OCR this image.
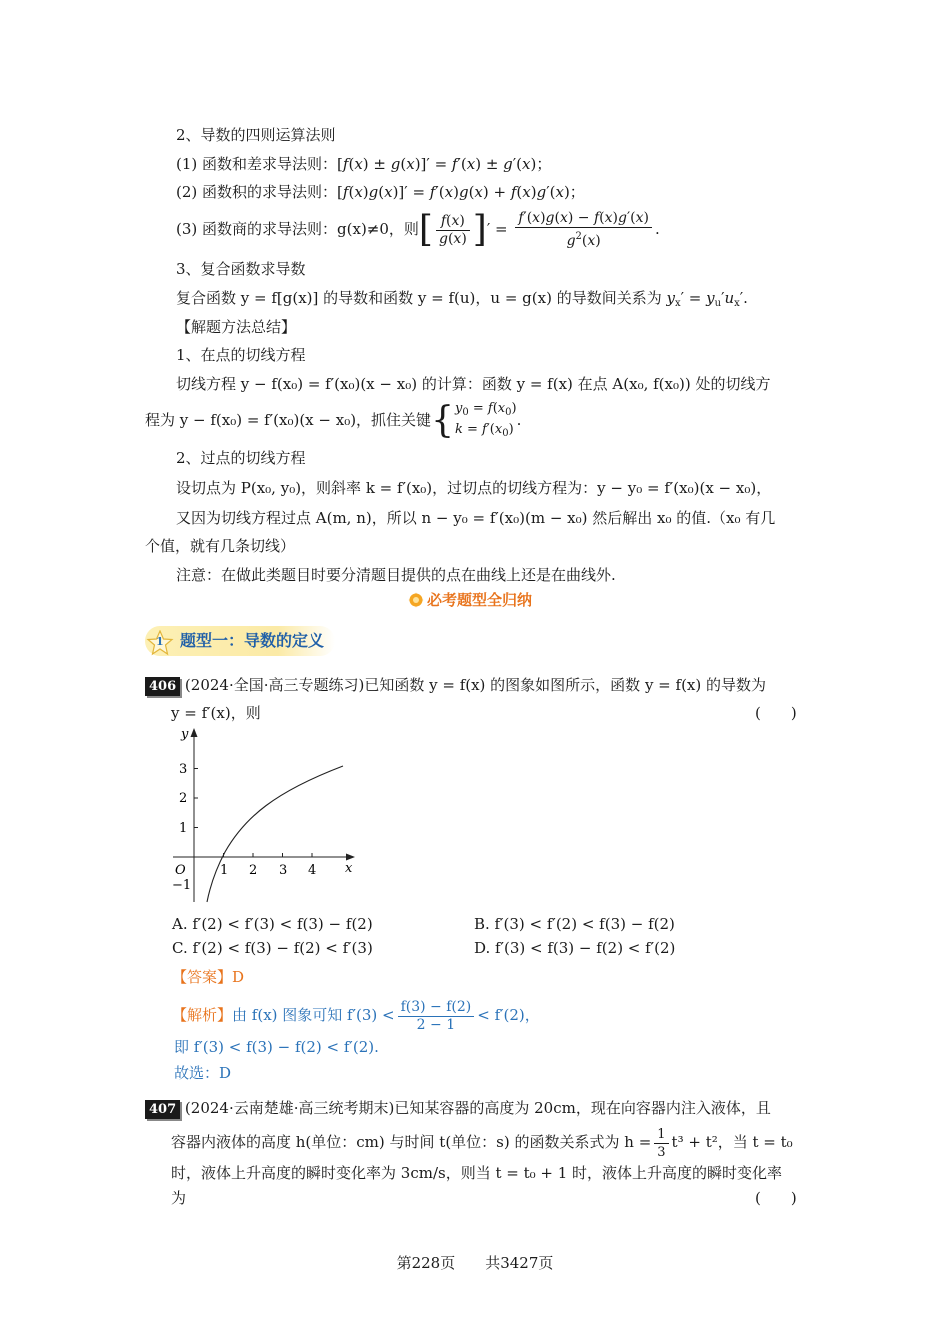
2、导数的四则运算法则
(1) 函数和差求导法则：[f(x) ± g(x)]′ = f′(x) ± g′(x)；
(2) 函数积的求导法则：[f(x)g(x)]′ = f′(x)g(x) + f(x)g′(x)；
(3) 函数商的求导法则：g(x)≠0，则[ $\frac{f(x)}{g(x)}$ ]′ = $\frac{f'(x)g(x) - f(x)g'(x)}{g^2(x)}$ .
3、复合函数求导数
复合函数 y = f[g(x)] 的导数和函数 y = f(u)，u = g(x) 的导数间关系为 $y_x' = y_u'u_x'$.
【解题方法总结】
1、在点的切线方程
切线方程 y − f(x₀) = f′(x₀)(x − x₀) 的计算：函数 y = f(x) 在点 A(x₀, f(x₀)) 处的切线方
程为 y − f(x₀) = f′(x₀)(x − x₀)，抓住关键 { $y_0 = f(x_0)$
$k = f'(x_0)$
.
2、过点的切线方程
设切点为 P(x₀, y₀)，则斜率 k = f′(x₀)，过切点的切线方程为：y − y₀ = f′(x₀)(x − x₀)，
又因为切线方程过点 A(m, n)，所以 n − y₀ = f′(x₀)(m − x₀) 然后解出 x₀ 的值.（x₀ 有几
个值，就有几条切线）
注意：在做此类题目时要分清题目提供的点在曲线上还是在曲线外.
必考题型全归纳
1 题型一：导数的定义
406 (2024·全国·高三专题练习)已知函数 y = f(x) 的图象如图所示，函数 y = f(x) 的导数为
y = f′(x)，则	(　　)
y
x
O	1 2 3 4
3
2
1
−1
A. f′(2) < f′(3) < f(3) − f(2)	B. f′(3) < f′(2) < f(3) − f(2)
C. f′(2) < f(3) − f(2) < f′(3)	D. f′(3) < f(3) − f(2) < f′(2)
【答案】D
【解析】由 f(x) 图象可知 $f'(3) < \frac{f(3) - f(2)}{2 - 1} < f'(2)$，
即 f′(3) < f(3) − f(2) < f′(2).
故选：D
407 (2024·云南楚雄·高三统考期末)已知某容器的高度为 20cm，现在向容器内注入液体，且
容器内液体的高度 h(单位：cm) 与时间 t(单位：s) 的函数关系式为 $h = \frac{1}{3} t^3 + t^2$，当 t = t₀
时，液体上升高度的瞬时变化率为 3cm/s，则当 t = t₀ + 1 时，液体上升高度的瞬时变化率
为	(　　)
第228页　　共3427页
